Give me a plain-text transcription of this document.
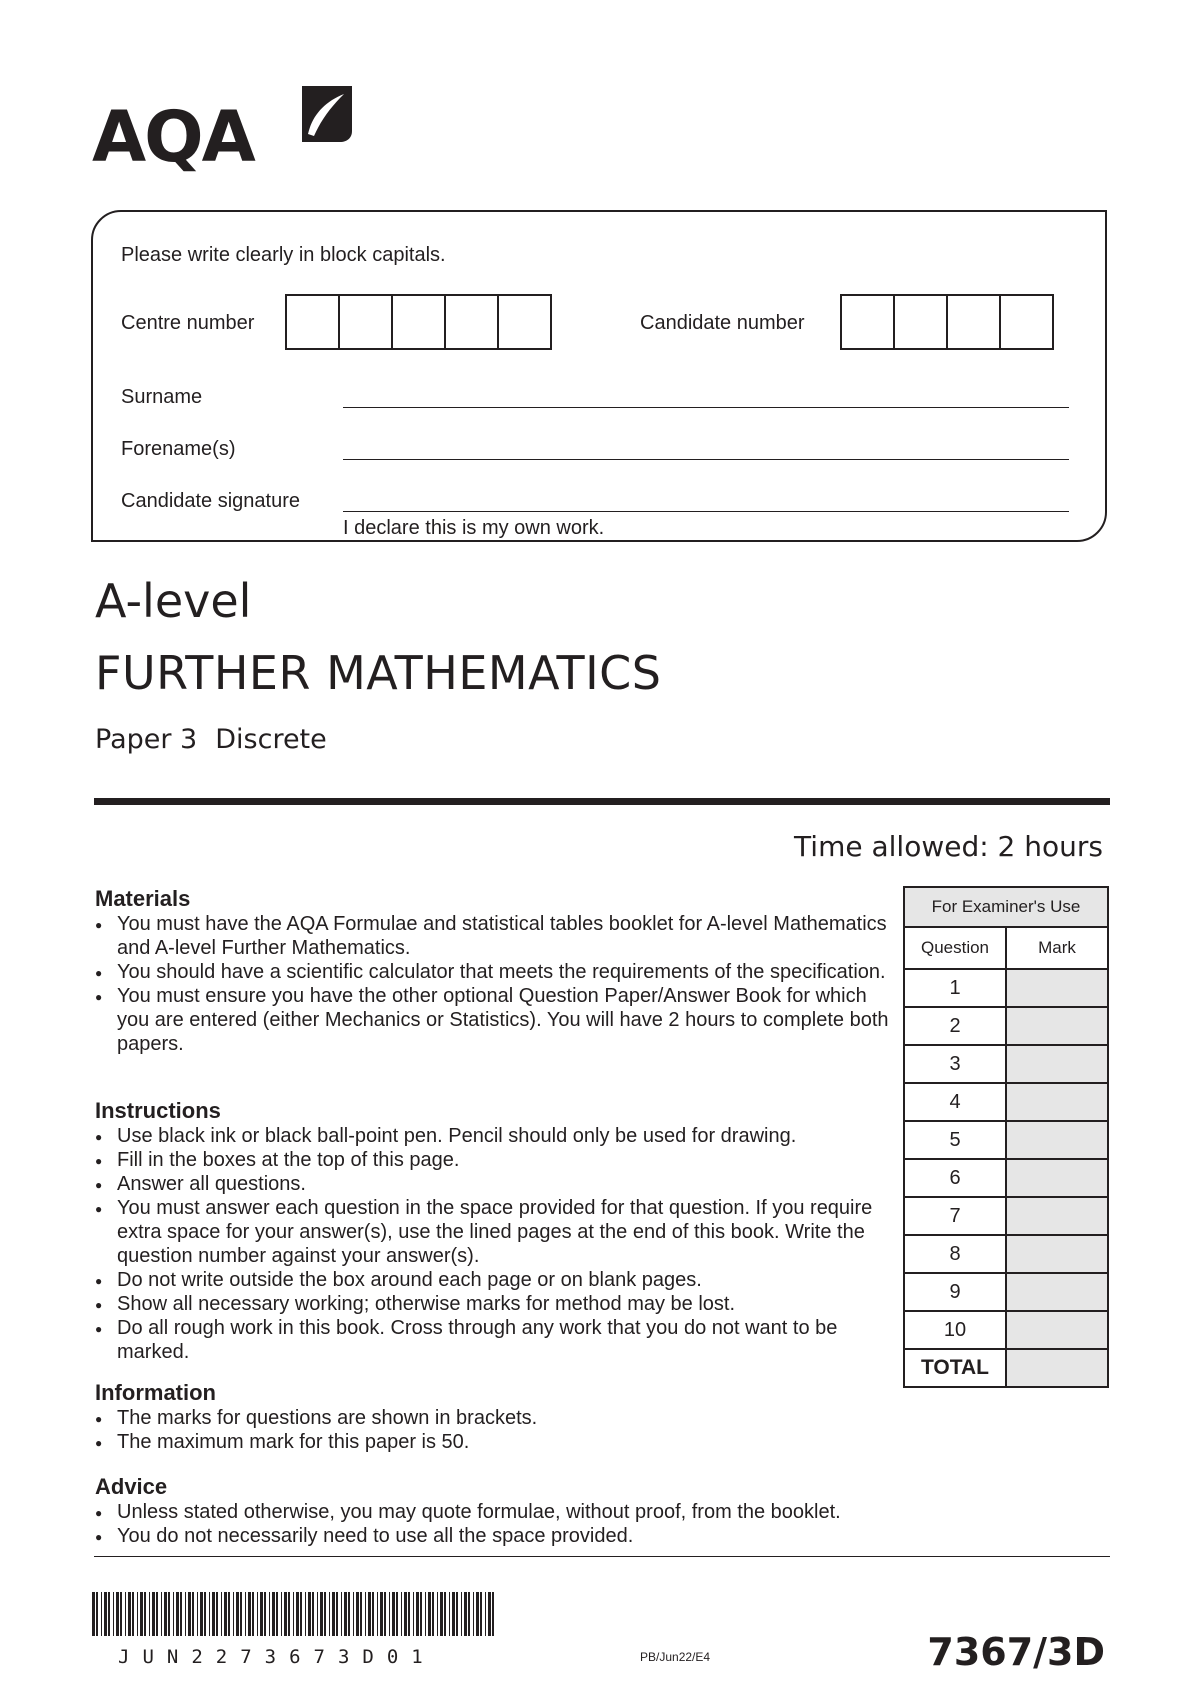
AQA
Please write clearly in block capitals.
Centre number	Candidate number
Surname
Forename(s)
Candidate signature
I declare this is my own work.
A-level
FURTHER MATHEMATICS
Paper 3 Discrete
Time allowed: 2 hours
Materials
● You must have the AQA Formulae and statistical tables booklet for A-level Mathematics and A-level Further Mathematics.
● You should have a scientific calculator that meets the requirements of the specification.
● You must ensure you have the other optional Question Paper/Answer Book for which you are entered (either Mechanics or Statistics). You will have 2 hours to complete both papers.
Instructions
● Use black ink or black ball-point pen. Pencil should only be used for drawing.
● Fill in the boxes at the top of this page.
● Answer all questions.
● You must answer each question in the space provided for that question. If you require extra space for your answer(s), use the lined pages at the end of this book. Write the question number against your answer(s).
● Do not write outside the box around each page or on blank pages.
● Show all necessary working; otherwise marks for method may be lost.
● Do all rough work in this book. Cross through any work that you do not want to be marked.
Information
● The marks for questions are shown in brackets.
● The maximum mark for this paper is 50.
Advice
● Unless stated otherwise, you may quote formulae, without proof, from the booklet.
● You do not necessarily need to use all the space provided.
For Examiner's Use	
Question	Mark
1	
2	
3	
4	
5	
6	
7	
8	
9	
10	
TOTAL	
JUN2273673D01	PB/Jun22/E4	7367/3D
